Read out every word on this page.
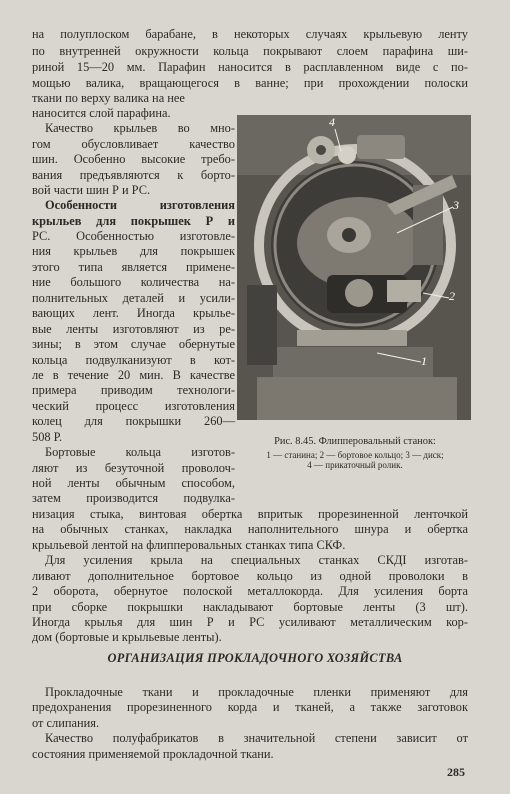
на полуплоском барабане, в некоторых случаях крыльевую ленту
по внутренней окружности кольца покрывают слоем парафина ши-
риной 15—20 мм. Парафин наносится в расплавленном виде с по-
мощью валика, вращающегося в ванне; при прохождении полоски
ткани по верху валика на нее
наносится слой парафина.
Качество крыльев во мно-
гом обусловливает качество
шин. Особенно высокие требо-
вания предъявляются к борто-
вой части шин Р и РС.
Особенности изготовления
крыльев для покрышек Р и
РС. Особенностью изготовле-
ния крыльев для покрышек
этого типа является примене-
ние большого количества на-
полнительных деталей и усили-
вающих лент. Иногда крылье-
вые ленты изготовляют из ре-
зины; в этом случае обернутые
кольца подвулканизуют в кот-
ле в течение 20 мин. В качестве
примера приводим технологи-
ческий процесс изготовления
колец для покрышки 260—
508 Р.
Бортовые кольца изготов-
ляют из безуточной проволоч-
ной ленты обычным способом,
затем производится подвулка-
низация стыка, винтовая обертка впритык прорезиненной ленточкой
на обычных станках, накладка наполнительного шнура и обертка
крыльевой лентой на флипперовальных станках типа СКФ.
Для усиления крыла на специальных станках СКДI изготав-
ливают дополнительное бортовое кольцо из одной проволоки в
2 оборота, обернутое полоской металлокорда. Для усиления борта
при сборке покрышки накладывают бортовые ленты (3 шт).
Иногда крылья для шин Р и РС усиливают металлическим кор-
дом (бортовые и крыльевые ленты).
ОРГАНИЗАЦИЯ ПРОКЛАДОЧНОГО ХОЗЯЙСТВА
Прокладочные ткани и прокладочные пленки применяют для
предохранения прорезиненного корда и тканей, а также заготовок
от слипания.
Качество полуфабрикатов в значительной степени зависит от
состояния применяемой прокладочной ткани.
4
3
2
1
Рис. 8.45. Флипперовальный станок:
1 — станина; 2 — бортовое кольцо; 3 — диск;
4 — прикаточный ролик.
285
